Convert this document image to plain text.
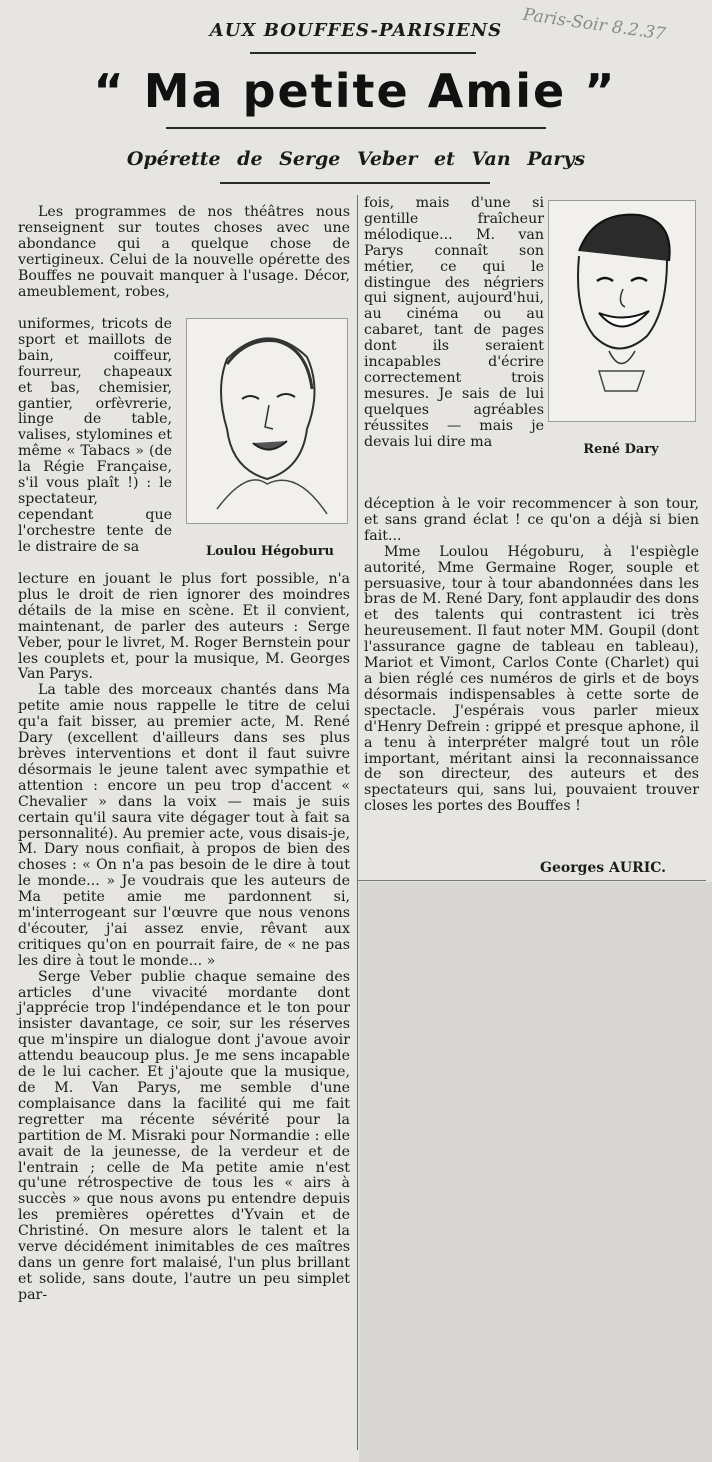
AUX BOUFFES-PARISIENS	Paris-Soir 8.2.37
“ Ma petite Amie ”
Opérette de Serge Veber et Van Parys

Les programmes de nos théâtres nous renseignent sur toutes choses avec une abondance qui a quelque chose de vertigineux. Celui de la nouvelle opérette des Bouffes ne pouvait manquer à l'usage. Décor, ameublement, robes,

uniformes, tricots de sport et maillots de bain, coiffeur, fourreur, chapeaux et bas, chemisier, gantier, orfèvrerie, linge de table, valises, stylomines et même « Tabacs » (de la Régie Française, s'il vous plaît !) : le spectateur, cependant que l'orchestre tente de le distraire de sa	Loulou Hégoburu

lecture en jouant le plus fort possible, n'a plus le droit de rien ignorer des moindres détails de la mise en scène. Et il convient, maintenant, de parler des auteurs : Serge Veber, pour le livret, M. Roger Bernstein pour les couplets et, pour la musique, M. Georges Van Parys.

La table des morceaux chantés dans Ma petite amie nous rappelle le titre de celui qu'a fait bisser, au premier acte, M. René Dary (excellent d'ailleurs dans ses plus brèves interventions et dont il faut suivre désormais le jeune talent avec sympathie et attention : encore un peu trop d'accent « Chevalier » dans la voix — mais je suis certain qu'il saura vite dégager tout à fait sa personnalité). Au premier acte, vous disais-je, M. Dary nous confiait, à propos de bien des choses : « On n'a pas besoin de le dire à tout le monde... » Je voudrais que les auteurs de Ma petite amie me pardonnent si, m'interrogeant sur l'œuvre que nous venons d'écouter, j'ai assez envie, rêvant aux critiques qu'on en pourrait faire, de « ne pas les dire à tout le monde... »

Serge Veber publie chaque semaine des articles d'une vivacité mordante dont j'apprécie trop l'indépendance et le ton pour insister davantage, ce soir, sur les réserves que m'inspire un dialogue dont j'avoue avoir attendu beaucoup plus. Je me sens incapable de le lui cacher. Et j'ajoute que la musique, de M. Van Parys, me semble d'une complaisance dans la facilité qui me fait regretter ma récente sévérité pour la partition de M. Misraki pour Normandie : elle avait de la jeunesse, de la verdeur et de l'entrain ; celle de Ma petite amie n'est qu'une rétrospective de tous les « airs à succès » que nous avons pu entendre depuis les premières opérettes d'Yvain et de Christiné. On mesure alors le talent et la verve décidément inimitables de ces maîtres dans un genre fort malaisé, l'un plus brillant et solide, sans doute, l'autre un peu simplet par-

fois, mais d'une si gentille fraîcheur mélodique... M. van Parys connaît son métier, ce qui le distingue des négriers qui signent, aujourd'hui, au cinéma ou au cabaret, tant de pages dont ils seraient incapables d'écrire correctement trois mesures. Je sais de lui quelques agréables réussites — mais je devais lui dire ma	René Dary

déception à le voir recommencer à son tour, et sans grand éclat ! ce qu'on a déjà si bien fait...

Mme Loulou Hégoburu, à l'espiègle autorité, Mme Germaine Roger, souple et persuasive, tour à tour abandonnées dans les bras de M. René Dary, font applaudir des dons et des talents qui contrastent ici très heureusement. Il faut noter MM. Goupil (dont l'assurance gagne de tableau en tableau), Mariot et Vimont, Carlos Conte (Charlet) qui a bien réglé ces numéros de girls et de boys désormais indispensables à cette sorte de spectacle. J'espérais vous parler mieux d'Henry Defrein : grippé et presque aphone, il a tenu à interpréter malgré tout un rôle important, méritant ainsi la reconnaissance de son directeur, des auteurs et des spectateurs qui, sans lui, pouvaient trouver closes les portes des Bouffes !

Georges AURIC.
